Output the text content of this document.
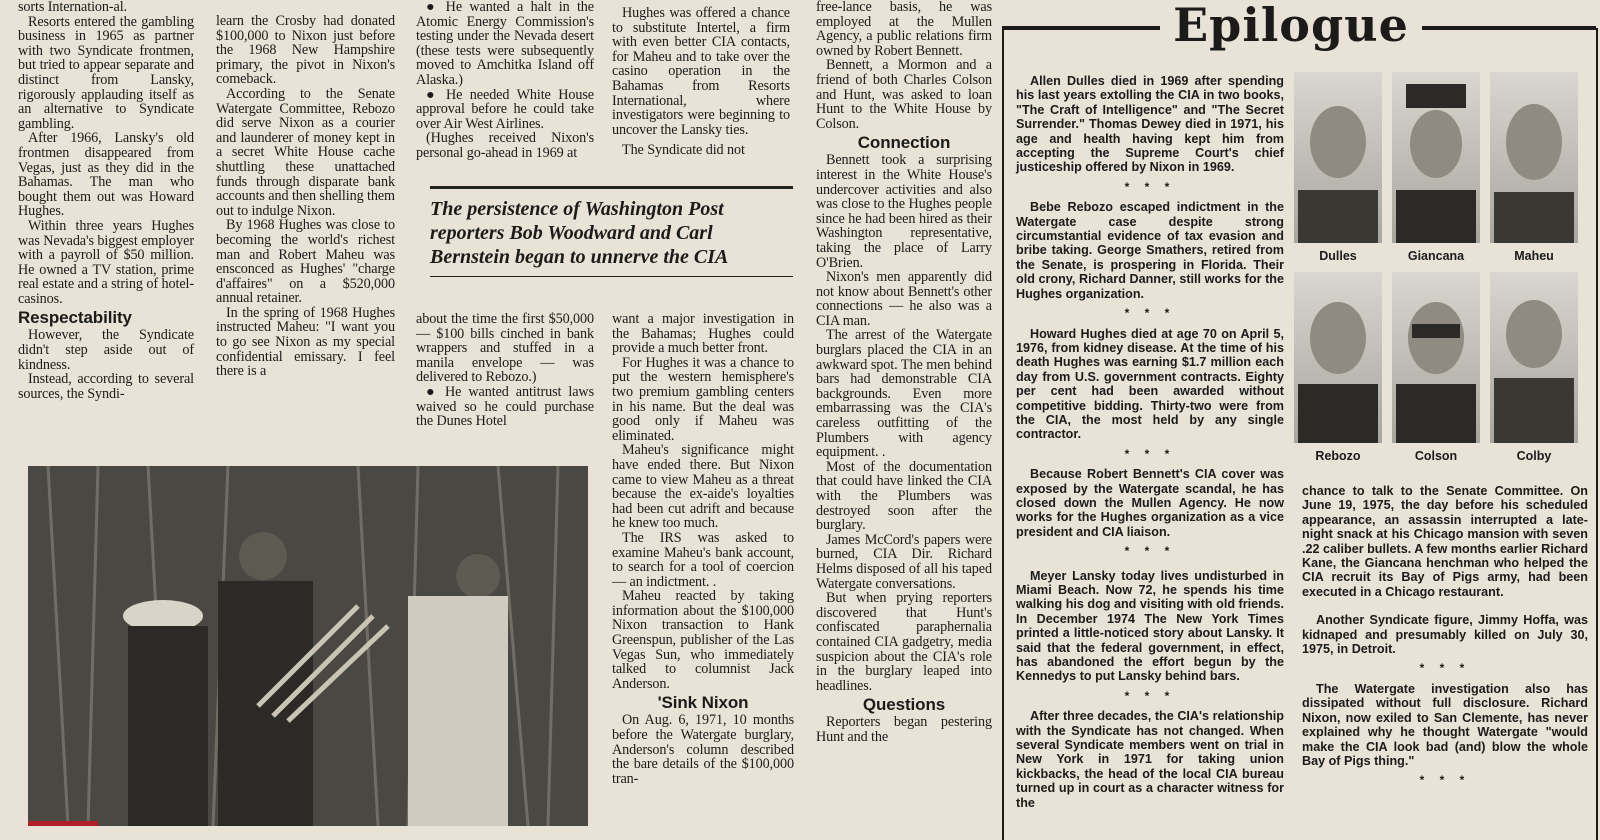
sorts Internation-al.

Resorts entered the gambling business in 1965 as partner with two Syndicate frontmen, but tried to appear separate and distinct from Lansky, rigorously applauding itself as an alternative to Syndicate gambling.

After 1966, Lansky's old frontmen disappeared from Vegas, just as they did in the Bahamas. The man who bought them out was Howard Hughes.

Within three years Hughes was Nevada's biggest employer with a payroll of $50 million. He owned a TV station, prime real estate and a string of hotel-casinos.

Respectability

However, the Syndicate didn't step aside out of kindness.

Instead, according to several sources, the Syndi-

learn the Crosby had donated $100,000 to Nixon just before the 1968 New Hampshire primary, the pivot in Nixon's comeback.

According to the Senate Watergate Committee, Rebozo did serve Nixon as a courier and launderer of money kept in a secret White House cache shuttling these unattached funds through disparate bank accounts and then shelling them out to indulge Nixon.

By 1968 Hughes was close to becoming the world's richest man and Robert Maheu was ensconced as Hughes' "charge d'affaires" on a $520,000 annual retainer.

In the spring of 1968 Hughes instructed Maheu: "I want you to go see Nixon as my special confidential emissary. I feel there is a

● He wanted a halt in the Atomic Energy Commission's testing under the Nevada desert (these tests were subsequently moved to Amchitka Island off Alaska.)

● He needed White House approval before he could take over Air West Airlines.

(Hughes received Nixon's personal go-ahead in 1969 at

Hughes was offered a chance to substitute Intertel, a firm with even better CIA contacts, for Maheu and to take over the casino operation in the Bahamas from Resorts International, where investigators were beginning to uncover the Lansky ties.

The Syndicate did not

The persistence of Washington Post reporters Bob Woodward and Carl Bernstein began to unnerve the CIA

about the time the first $50,000 — $100 bills cinched in bank wrappers and stuffed in a manila envelope — was delivered to Rebozo.)

● He wanted antitrust laws waived so he could purchase the Dunes Hotel

want a major investigation in the Bahamas; Hughes could provide a much better front.

For Hughes it was a chance to put the western hemisphere's two premium gambling centers in his name. But the deal was good only if Maheu was eliminated.

Maheu's significance might have ended there. But Nixon came to view Maheu as a threat because the ex-aide's loyalties had been cut adrift and because he knew too much.

The IRS was asked to examine Maheu's bank account, to search for a tool of coercion — an indictment. .

Maheu reacted by taking information about the $100,000 Nixon transaction to Hank Greenspun, publisher of the Las Vegas Sun, who immediately talked to columnist Jack Anderson.

'Sink Nixon

On Aug. 6, 1971, 10 months before the Watergate burglary, Anderson's column described the bare details of the $100,000 tran-

free-lance basis, he was employed at the Mullen Agency, a public relations firm owned by Robert Bennett.

Bennett, a Mormon and a friend of both Charles Colson and Hunt, was asked to loan Hunt to the White House by Colson.

Connection

Bennett took a surprising interest in the White House's undercover activities and also was close to the Hughes people since he had been hired as their Washington representative, taking the place of Larry O'Brien.

Nixon's men apparently did not know about Bennett's other connections — he also was a CIA man.

The arrest of the Watergate burglars placed the CIA in an awkward spot. The men behind bars had demonstrable CIA backgrounds. Even more embarrassing was the CIA's careless outfitting of the Plumbers with agency equipment. .

Most of the documentation that could have linked the CIA with the Plumbers was destroyed soon after the burglary.

James McCord's papers were burned, CIA Dir. Richard Helms disposed of all his taped Watergate conversations.

But when prying reporters discovered that Hunt's confiscated paraphernalia contained CIA gadgetry, media suspicion about the CIA's role in the burglary leaped into headlines.

Questions

Reporters began pestering Hunt and the

Epilogue

Allen Dulles died in 1969 after spending his last years extolling the CIA in two books, "The Craft of Intelligence" and "The Secret Surrender." Thomas Dewey died in 1971, his age and health having kept him from accepting the Supreme Court's chief justiceship offered by Nixon in 1969.

* * *

Bebe Rebozo escaped indictment in the Watergate case despite strong circumstantial evidence of tax evasion and bribe taking. George Smathers, retired from the Senate, is prospering in Florida. Their old crony, Richard Danner, still works for the Hughes organization.

* * *

Howard Hughes died at age 70 on April 5, 1976, from kidney disease. At the time of his death Hughes was earning $1.7 million each day from U.S. government contracts. Eighty per cent had been awarded without competitive bidding. Thirty-two were from the CIA, the most held by any single contractor.

* * *

Because Robert Bennett's CIA cover was exposed by the Watergate scandal, he has closed down the Mullen Agency. He now works for the Hughes organization as a vice president and CIA liaison.

* * *

Meyer Lansky today lives undisturbed in Miami Beach. Now 72, he spends his time walking his dog and visiting with old friends. In December 1974 The New York Times printed a little-noticed story about Lansky. It said that the federal government, in effect, has abandoned the effort begun by the Kennedys to put Lansky behind bars.

* * *

After three decades, the CIA's relationship with the Syndicate has not changed. When several Syndicate members went on trial in New York in 1971 for taking union kickbacks, the head of the local CIA bureau turned up in court as a character witness for the

chance to talk to the Senate Committee. On June 19, 1975, the day before his scheduled appearance, an assassin interrupted a late-night snack at his Chicago mansion with seven .22 caliber bullets. A few months earlier Richard Kane, the Giancana henchman who helped the CIA recruit its Bay of Pigs army, had been executed in a Chicago restaurant.

Another Syndicate figure, Jimmy Hoffa, was kidnaped and presumably killed on July 30, 1975, in Detroit.

* * *

The Watergate investigation also has dissipated without full disclosure. Richard Nixon, now exiled to San Clemente, has never explained why he thought Watergate "would make the CIA look bad (and) blow the whole Bay of Pigs thing."

* * *
Dulles	Giancana	Maheu
Rebozo	Colson	Colby
